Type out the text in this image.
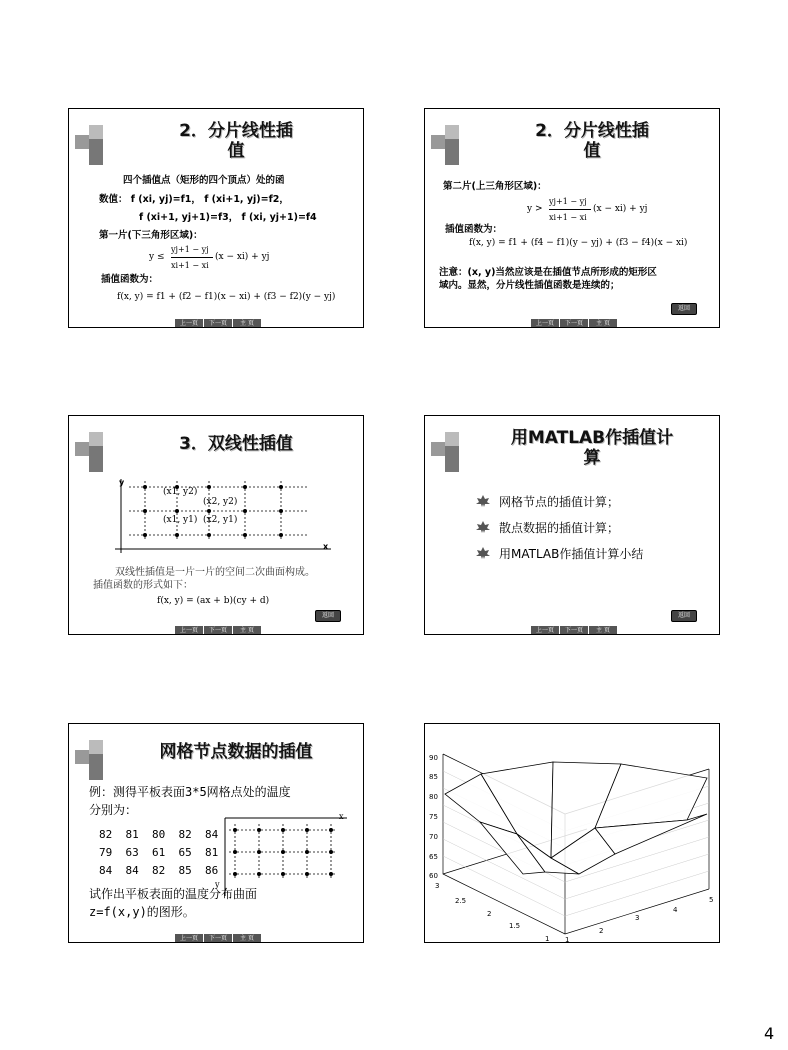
2．分片线性插
值
四个插值点（矩形的四个顶点）处的函
数值： f (xi, yj)=f1， f (xi+1, yj)=f2，
f (xi+1, yj+1)=f3， f (xi, yj+1)=f4
第一片(下三角形区域)：
yj+1 − yj
y ≤
xi+1 − xi
(x − xi) + yj
插值函数为：
f(x, y) = f1 + (f2 − f1)(x − xi) + (f3 − f2)(y − yj)
上一页	下一页	主 页
2．分片线性插
值
第二片(上三角形区域)：
yj+1 − yj
y >
xi+1 − xi
(x − xi) + yj
插值函数为：
f(x, y) = f1 + (f4 − f1)(y − yj) + (f3 − f4)(x − xi)
注意：(x, y)当然应该是在插值节点所形成的矩形区
域内。显然，分片线性插值函数是连续的；
返回
上一页	下一页	主 页
3．双线性插值
y
x
(x1, y2)
(x2, y2)
(x1, y1) (x2, y1)
双线性插值是一片一片的空间二次曲面构成。
插值函数的形式如下：
f(x, y) = (ax + b)(cy + d)
返回
上一页	下一页	主 页
用MATLAB作插值计
算
网格节点的插值计算；
散点数据的插值计算；
用MATLAB作插值计算小结
返回
上一页	下一页	主 页
网格节点数据的插值
例：测得平板表面3*5网格点处的温度
分别为：
82  81  80  82  84
79  63  61  65  81
84  84  82  85  86
x
y
试作出平板表面的温度分布曲面
z=f(x,y)的图形。
上一页	下一页	主 页
90
85
80
75
70
65
60
3
2.5
2
1.5
1 1
2
3
4
5
4
